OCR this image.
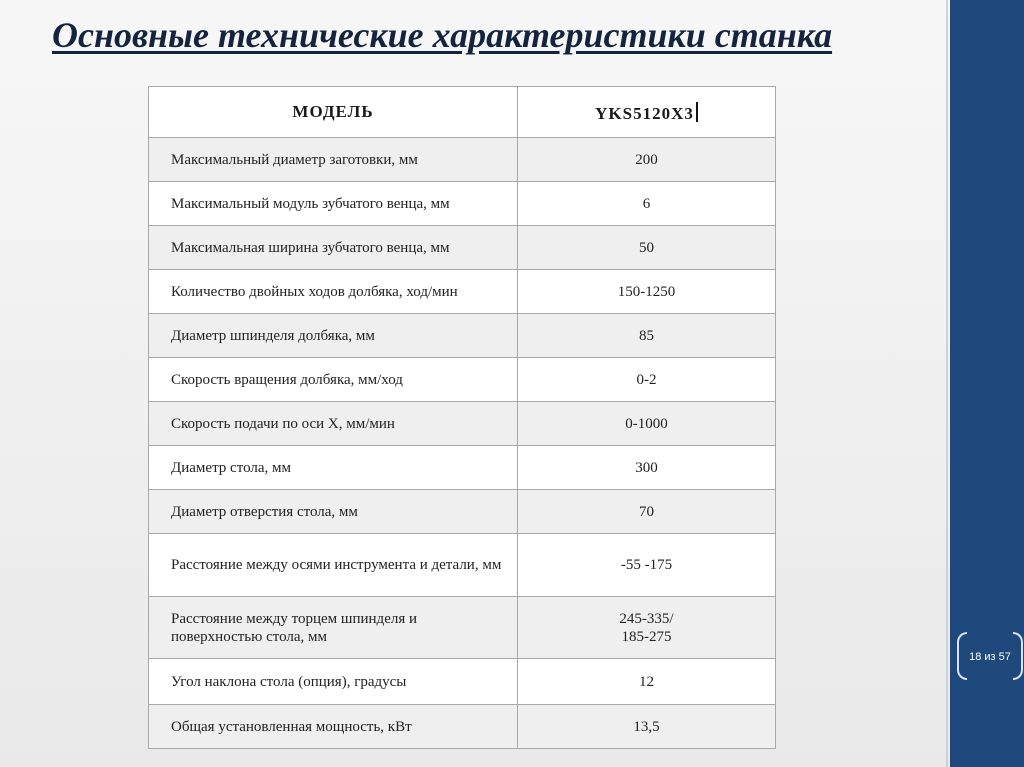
Основные технические характеристики станка
МОДЕЛЬ	YKS5120X3
Максимальный диаметр заготовки, мм	200
Максимальный модуль зубчатого венца, мм	6
Максимальная ширина зубчатого венца, мм	50
Количество двойных ходов долбяка, ход/мин	150-1250
Диаметр шпинделя долбяка, мм	85
Скорость вращения долбяка, мм/ход	0-2
Скорость подачи по оси X, мм/мин	0-1000
Диаметр стола, мм	300
Диаметр отверстия стола, мм	70
Расстояние между осями инструмента и детали, мм	-55 -175
Расстояние между торцем шпинделя и поверхностью стола, мм	245-335/
185-275

Угол наклона стола (опция), градусы	12
Общая установленная мощность, кВт	13,5
18 из 57
